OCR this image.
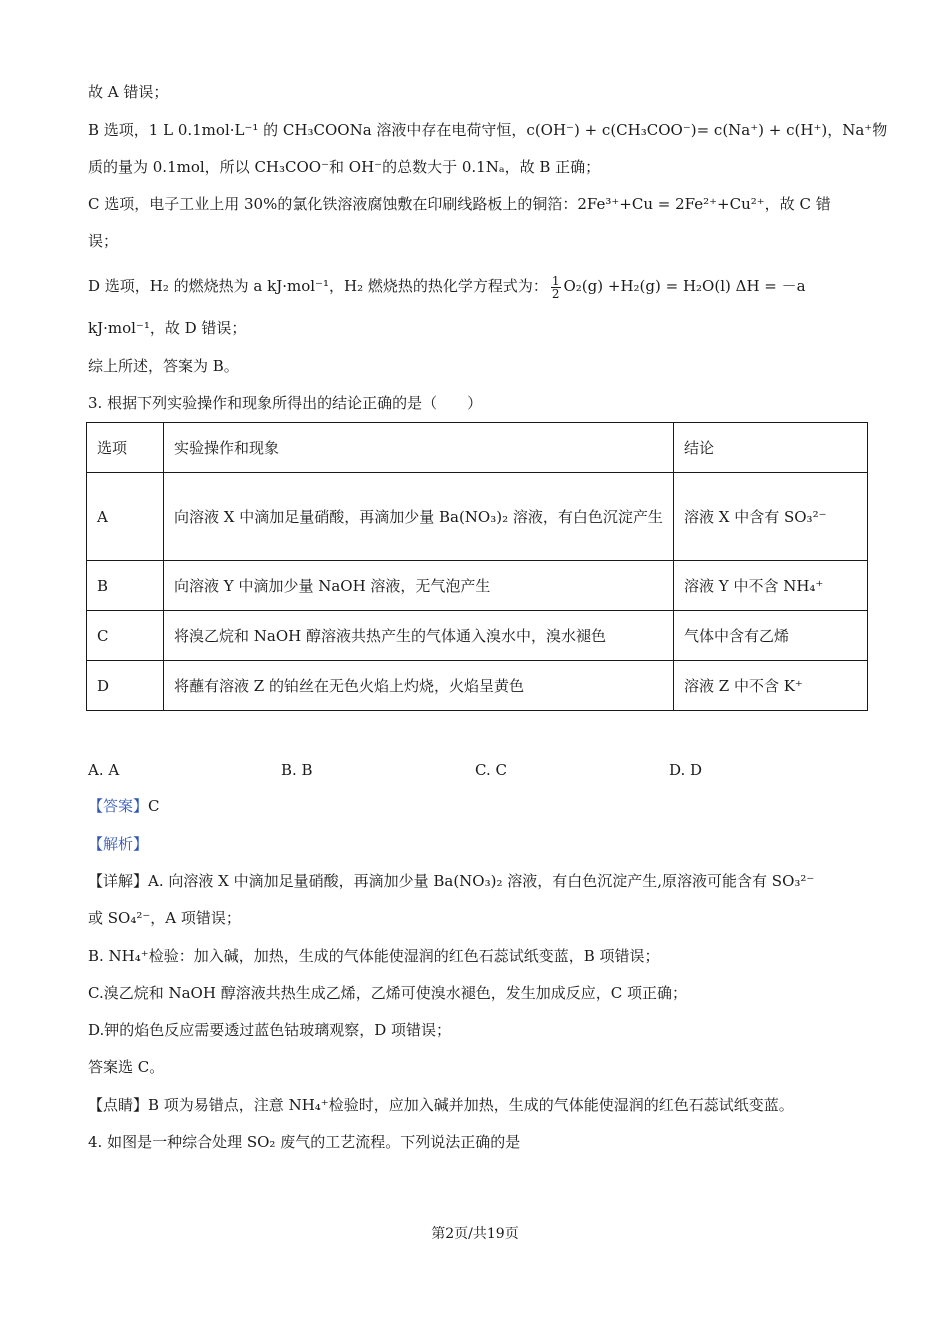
故 A 错误；
B 选项，1 L 0.1mol·L⁻¹ 的 CH₃COONa 溶液中存在电荷守恒，c(OH⁻) + c(CH₃COO⁻)= c(Na⁺) + c(H⁺)，Na⁺物
质的量为 0.1mol，所以 CH₃COO⁻和 OH⁻的总数大于 0.1Nₐ，故 B 正确；
C 选项，电子工业上用 30%的氯化铁溶液腐蚀敷在印刷线路板上的铜箔：2Fe³⁺+Cu = 2Fe²⁺+Cu²⁺，故 C 错
误；
D 选项，H₂ 的燃烧热为 a kJ·mol⁻¹，H₂ 燃烧热的热化学方程式为： $\frac{1}{2} O_2(g) +H_2(g) = H_2O(l) \Delta H = -a$
kJ·mol⁻¹，故 D 错误；
综上所述，答案为 B。
3. 根据下列实验操作和现象所得出的结论正确的是（　　）
选项	实验操作和现象	结论
A	向溶液 X 中滴加足量硝酸，再滴加少量 Ba(NO₃)₂ 溶液，有白色沉淀产生	溶液 X 中含有 SO₃²⁻
B	向溶液 Y 中滴加少量 NaOH 溶液，无气泡产生	溶液 Y 中不含 NH₄⁺
C	将溴乙烷和 NaOH 醇溶液共热产生的气体通入溴水中，溴水褪色	气体中含有乙烯
D	将蘸有溶液 Z 的铂丝在无色火焰上灼烧，火焰呈黄色	溶液 Z 中不含 K⁺
A. A	B. B	C. C	D. D
【答案】C
【解析】
【详解】A. 向溶液 X 中滴加足量硝酸，再滴加少量 Ba(NO₃)₂ 溶液，有白色沉淀产生,原溶液可能含有 SO₃²⁻
或 SO₄²⁻，A 项错误；
B. NH₄⁺检验：加入碱，加热，生成的气体能使湿润的红色石蕊试纸变蓝，B 项错误；
C.溴乙烷和 NaOH 醇溶液共热生成乙烯，乙烯可使溴水褪色，发生加成反应，C 项正确；
D.钾的焰色反应需要透过蓝色钴玻璃观察，D 项错误；
答案选 C。
【点睛】B 项为易错点，注意 NH₄⁺检验时，应加入碱并加热，生成的气体能使湿润的红色石蕊试纸变蓝。
4. 如图是一种综合处理 SO₂ 废气的工艺流程。下列说法正确的是
第2页/共19页
